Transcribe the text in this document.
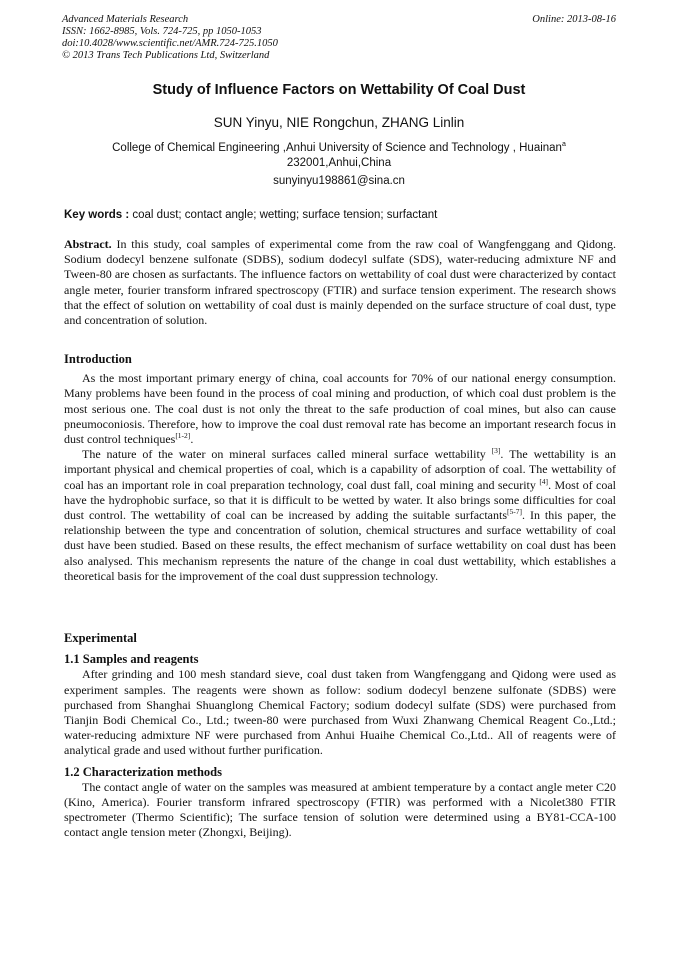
Advanced Materials Research
ISSN: 1662-8985, Vols. 724-725, pp 1050-1053
doi:10.4028/www.scientific.net/AMR.724-725.1050
© 2013 Trans Tech Publications Ltd, Switzerland
Online: 2013-08-16
Study of Influence Factors on Wettability Of Coal Dust
SUN Yinyu, NIE Rongchun, ZHANG Linlin
College of Chemical Engineering ,Anhui University of Science and Technology , Huainan$^a$
232001,Anhui,China
sunyinyu198861@sina.cn
Key words : coal dust; contact angle; wetting; surface tension; surfactant

Abstract. In this study, coal samples of experimental come from the raw coal of Wangfenggang and Qidong. Sodium dodecyl benzene sulfonate (SDBS), sodium dodecyl sulfate (SDS), water-reducing admixture NF and Tween-80 are chosen as surfactants. The influence factors on wettability of coal dust were characterized by contact angle meter, fourier transform infrared spectroscopy (FTIR) and surface tension experiment. The research shows that the effect of solution on wettability of coal dust is mainly depended on the surface structure of coal dust, type and concentration of solution.

Introduction

As the most important primary energy of china, coal accounts for 70% of our national energy consumption. Many problems have been found in the process of coal mining and production, of which coal dust problem is the most serious one. The coal dust is not only the threat to the safe production of coal mines, but also can cause pneumoconiosis. Therefore, how to improve the coal dust removal rate has become an important research focus in dust control techniques[1-2].

The nature of the water on mineral surfaces called mineral surface wettability [3]. The wettability is an important physical and chemical properties of coal, which is a capability of adsorption of coal. The wettability of coal has an important role in coal preparation technology, coal dust fall, coal mining and security [4]. Most of coal have the hydrophobic surface, so that it is difficult to be wetted by water. It also brings some difficulties for coal dust control. The wettability of coal can be increased by adding the suitable surfactants[5-7]. In this paper, the relationship between the type and concentration of solution, chemical structures and surface wettability of coal dust have been studied. Based on these results, the effect mechanism of surface wettability on coal dust has been also analysed. This mechanism represents the nature of the change in coal dust wettability, which establishes a theoretical basis for the improvement of the coal dust suppression technology.

Experimental

1.1 Samples and reagents

After grinding and 100 mesh standard sieve, coal dust taken from Wangfenggang and Qidong were used as experiment samples. The reagents were shown as follow: sodium dodecyl benzene sulfonate (SDBS) were purchased from Shanghai Shuanglong Chemical Factory; sodium dodecyl sulfate (SDS) were purchased from Tianjin Bodi Chemical Co., Ltd.; tween-80 were purchased from Wuxi Zhanwang Chemical Reagent Co.,Ltd.; water-reducing admixture NF were purchased from Anhui Huaihe Chemical Co.,Ltd.. All of reagents were of analytical grade and used without further purification.

1.2 Characterization methods

The contact angle of water on the samples was measured at ambient temperature by a contact angle meter C20 (Kino, America). Fourier transform infrared spectroscopy (FTIR) was performed with a Nicolet380 FTIR spectrometer (Thermo Scientific); The surface tension of solution were determined using a BY81-CCA-100 contact angle tension meter (Zhongxi, Beijing).
